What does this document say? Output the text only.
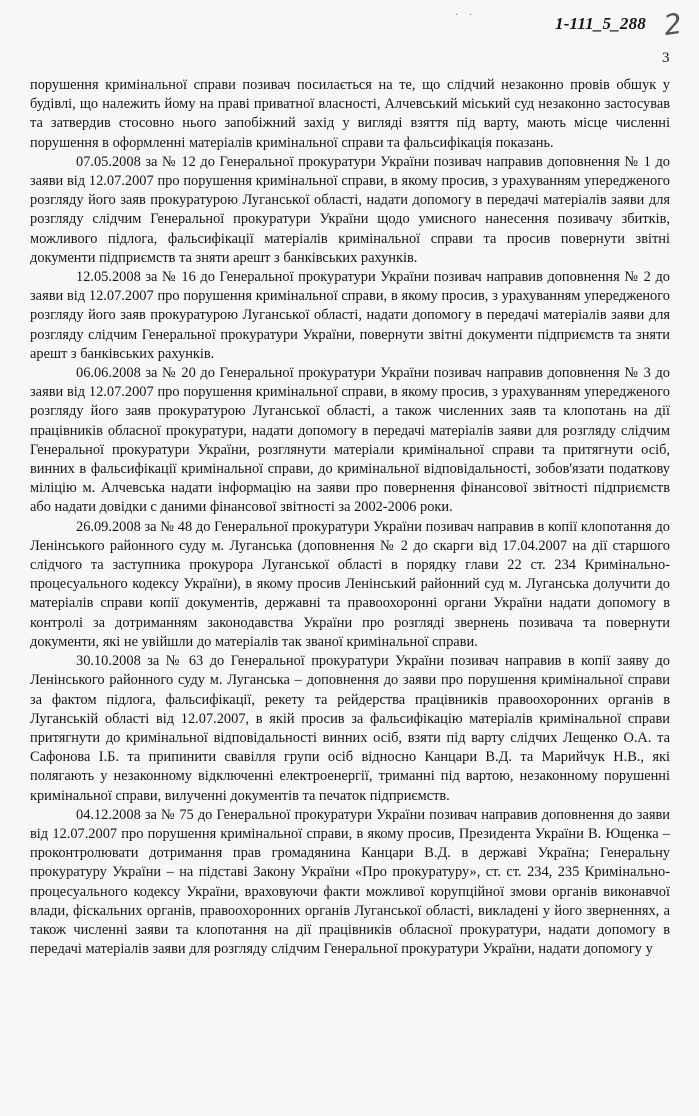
· ·	1-111_5_288 2
3

порушення кримінальної справи позивач посилається на те, що слідчий незаконно провів обшук у будівлі, що належить йому на праві приватної власності, Алчевський міський суд незаконно застосував та затвердив стосовно нього запобіжний захід у вигляді взяття під варту, мають місце численні порушення в оформленні матеріалів кримінальної справи та фальсифікація показань.

07.05.2008 за № 12 до Генеральної прокуратури України позивач направив доповнення № 1 до заяви від 12.07.2007 про порушення кримінальної справи, в якому просив, з урахуванням упередженого розгляду його заяв прокуратурою Луганської області, надати допомогу в передачі матеріалів заяви для розгляду слідчим Генеральної прокуратури України щодо умисного нанесення позивачу збитків, можливого підлога, фальсифікації матеріалів кримінальної справи та просив повернути звітні документи підприємств та зняти арешт з банківських рахунків.

12.05.2008 за № 16 до Генеральної прокуратури України позивач направив доповнення № 2 до заяви від 12.07.2007 про порушення кримінальної справи, в якому просив, з урахуванням упередженого розгляду його заяв прокуратурою Луганської області, надати допомогу в передачі матеріалів заяви для розгляду слідчим Генеральної прокуратури України, повернути звітні документи підприємств та зняти арешт з банківських рахунків.

06.06.2008 за № 20 до Генеральної прокуратури України позивач направив доповнення № 3 до заяви від 12.07.2007 про порушення кримінальної справи, в якому просив, з урахуванням упередженого розгляду його заяв прокуратурою Луганської області, а також численних заяв та клопотань на дії працівників обласної прокуратури, надати допомогу в передачі матеріалів заяви для розгляду слідчим Генеральної прокуратури України, розглянути матеріали кримінальної справи та притягнути осіб, винних в фальсифікації кримінальної справи, до кримінальної відповідальності, зобов'язати податкову міліцію м. Алчевська надати інформацію на заяви про повернення фінансової звітності підприємств або надати довідки с даними фінансової звітності за 2002-2006 роки.

26.09.2008 за № 48 до Генеральної прокуратури України позивач направив в копії клопотання до Ленінського районного суду м. Луганська (доповнення № 2 до скарги від 17.04.2007 на дії старшого слідчого та заступника прокурора Луганської області в порядку глави 22 ст. 234 Кримінально-процесуального кодексу України), в якому просив Ленінський районний суд м. Луганська долучити до матеріалів справи копії документів, державні та правоохоронні органи України надати допомогу в контролі за дотриманням законодавства України про розгляді звернень позивача та повернути документи, які не увійшли до матеріалів так званої кримінальної справи.

30.10.2008 за № 63 до Генеральної прокуратури України позивач направив в копії заяву до Ленінського районного суду м. Луганська – доповнення до заяви про порушення кримінальної справи за фактом підлога, фальсифікації, рекету та рейдерства працівників правоохоронних органів в Луганській області від 12.07.2007, в якій просив за фальсифікацію матеріалів кримінальної справи притягнути до кримінальної відповідальності винних осіб, взяти під варту слідчих Лещенко О.А. та Сафонова І.Б. та припинити свавілля групи осіб відносно Канцари В.Д. та Марийчук Н.В., які полягають у незаконному відключенні електроенергії, триманні під вартою, незаконному порушенні кримінальної справи, вилученні документів та печаток підприємств.

04.12.2008 за № 75 до Генеральної прокуратури України позивач направив доповнення до заяви від 12.07.2007 про порушення кримінальної справи, в якому просив, Президента України В. Ющенка – проконтролювати дотримання прав громадянина Канцари В.Д. в державі Україна; Генеральну прокуратуру України – на підставі Закону України «Про прокуратуру», ст. ст. 234, 235 Кримінально-процесуального кодексу України, враховуючи факти можливої корупційної змови органів виконавчої влади, фіскальних органів, правоохоронних органів Луганської області, викладені у його зверненнях, а також численні заяви та клопотання на дії працівників обласної прокуратури, надати допомогу в передачі матеріалів заяви для розгляду слідчим Генеральної прокуратури України, надати допомогу у
